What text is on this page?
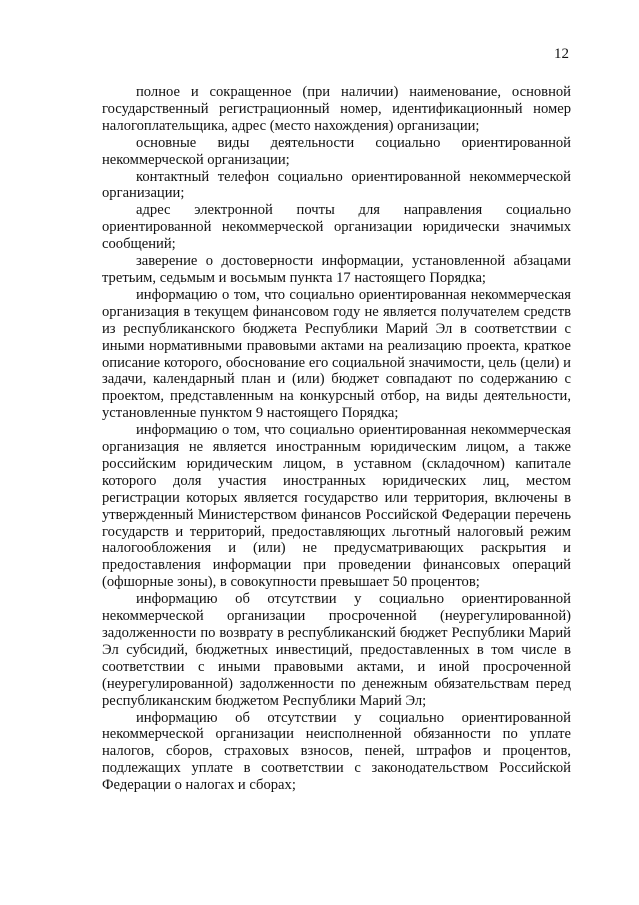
12

полное и сокращенное (при наличии) наименование, основной государственный регистрационный номер, идентификационный номер налогоплательщика, адрес (место нахождения) организации;

основные виды деятельности социально ориентированной некоммерческой организации;

контактный телефон социально ориентированной некоммерческой организации;

адрес электронной почты для направления социально ориентированной некоммерческой организации юридически значимых сообщений;

заверение о достоверности информации, установленной абзацами третьим, седьмым и восьмым пункта 17 настоящего Порядка;

информацию о том, что социально ориентированная некоммерческая организация в текущем финансовом году не является получателем средств из республиканского бюджета Республики Марий Эл в соответствии с иными нормативными правовыми актами на реализацию проекта, краткое описание которого, обоснование его социальной значимости, цель (цели) и задачи, календарный план и (или) бюджет совпадают по содержанию с проектом, представленным на конкурсный отбор, на виды деятельности, установленные пунктом 9 настоящего Порядка;

информацию о том, что социально ориентированная некоммерческая организация не является иностранным юридическим лицом, а также российским юридическим лицом, в уставном (складочном) капитале которого доля участия иностранных юридических лиц, местом регистрации которых является государство или территория, включены в утвержденный Министерством финансов Российской Федерации перечень государств и территорий, предоставляющих льготный налоговый режим налогообложения и (или) не предусматривающих раскрытия и предоставления информации при проведении финансовых операций (офшорные зоны), в совокупности превышает 50 процентов;

информацию об отсутствии у социально ориентированной некоммерческой организации просроченной (неурегулированной) задолженности по возврату в республиканский бюджет Республики Марий Эл субсидий, бюджетных инвестиций, предоставленных в том числе в соответствии с иными правовыми актами, и иной просроченной (неурегулированной) задолженности по денежным обязательствам перед республиканским бюджетом Республики Марий Эл;

информацию об отсутствии у социально ориентированной некоммерческой организации неисполненной обязанности по уплате налогов, сборов, страховых взносов, пеней, штрафов и процентов, подлежащих уплате в соответствии с законодательством Российской Федерации о налогах и сборах;
